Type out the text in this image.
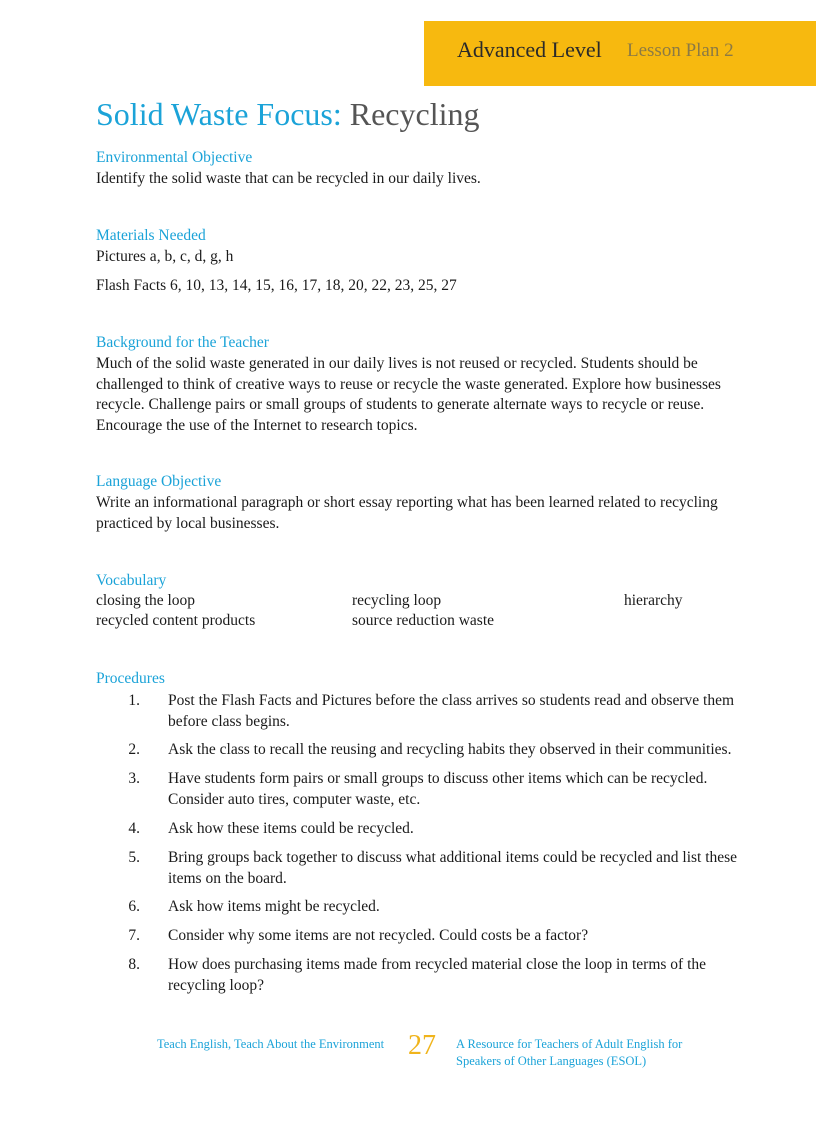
Advanced Level Lesson Plan 2
Solid Waste Focus: Recycling
Environmental Objective
Identify the solid waste that can be recycled in our daily lives.
Materials Needed
Pictures a, b, c, d, g, h
Flash Facts 6, 10, 13, 14, 15, 16, 17, 18, 20, 22, 23, 25, 27
Background for the Teacher
Much of the solid waste generated in our daily lives is not reused or recycled. Students should be challenged to think of creative ways to reuse or recycle the waste generated. Explore how businesses recycle. Challenge pairs or small groups of students to generate alternate ways to recycle or reuse. Encourage the use of the Internet to research topics.
Language Objective
Write an informational paragraph or short essay reporting what has been learned related to recycling practiced by local businesses.
Vocabulary
closing the loop	recycling loop	hierarchy
recycled content products	source reduction waste
Procedures
1. Post the Flash Facts and Pictures before the class arrives so students read and observe them before class begins.
2. Ask the class to recall the reusing and recycling habits they observed in their communities.
3. Have students form pairs or small groups to discuss other items which can be recycled. Consider auto tires, computer waste, etc.
4. Ask how these items could be recycled.
5. Bring groups back together to discuss what additional items could be recycled and list these items on the board.
6. Ask how items might be recycled.
7. Consider why some items are not recycled. Could costs be a factor?
8. How does purchasing items made from recycled material close the loop in terms of the recycling loop?
Teach English, Teach About the Environment 27 A Resource for Teachers of Adult English for
Speakers of Other Languages (ESOL)
